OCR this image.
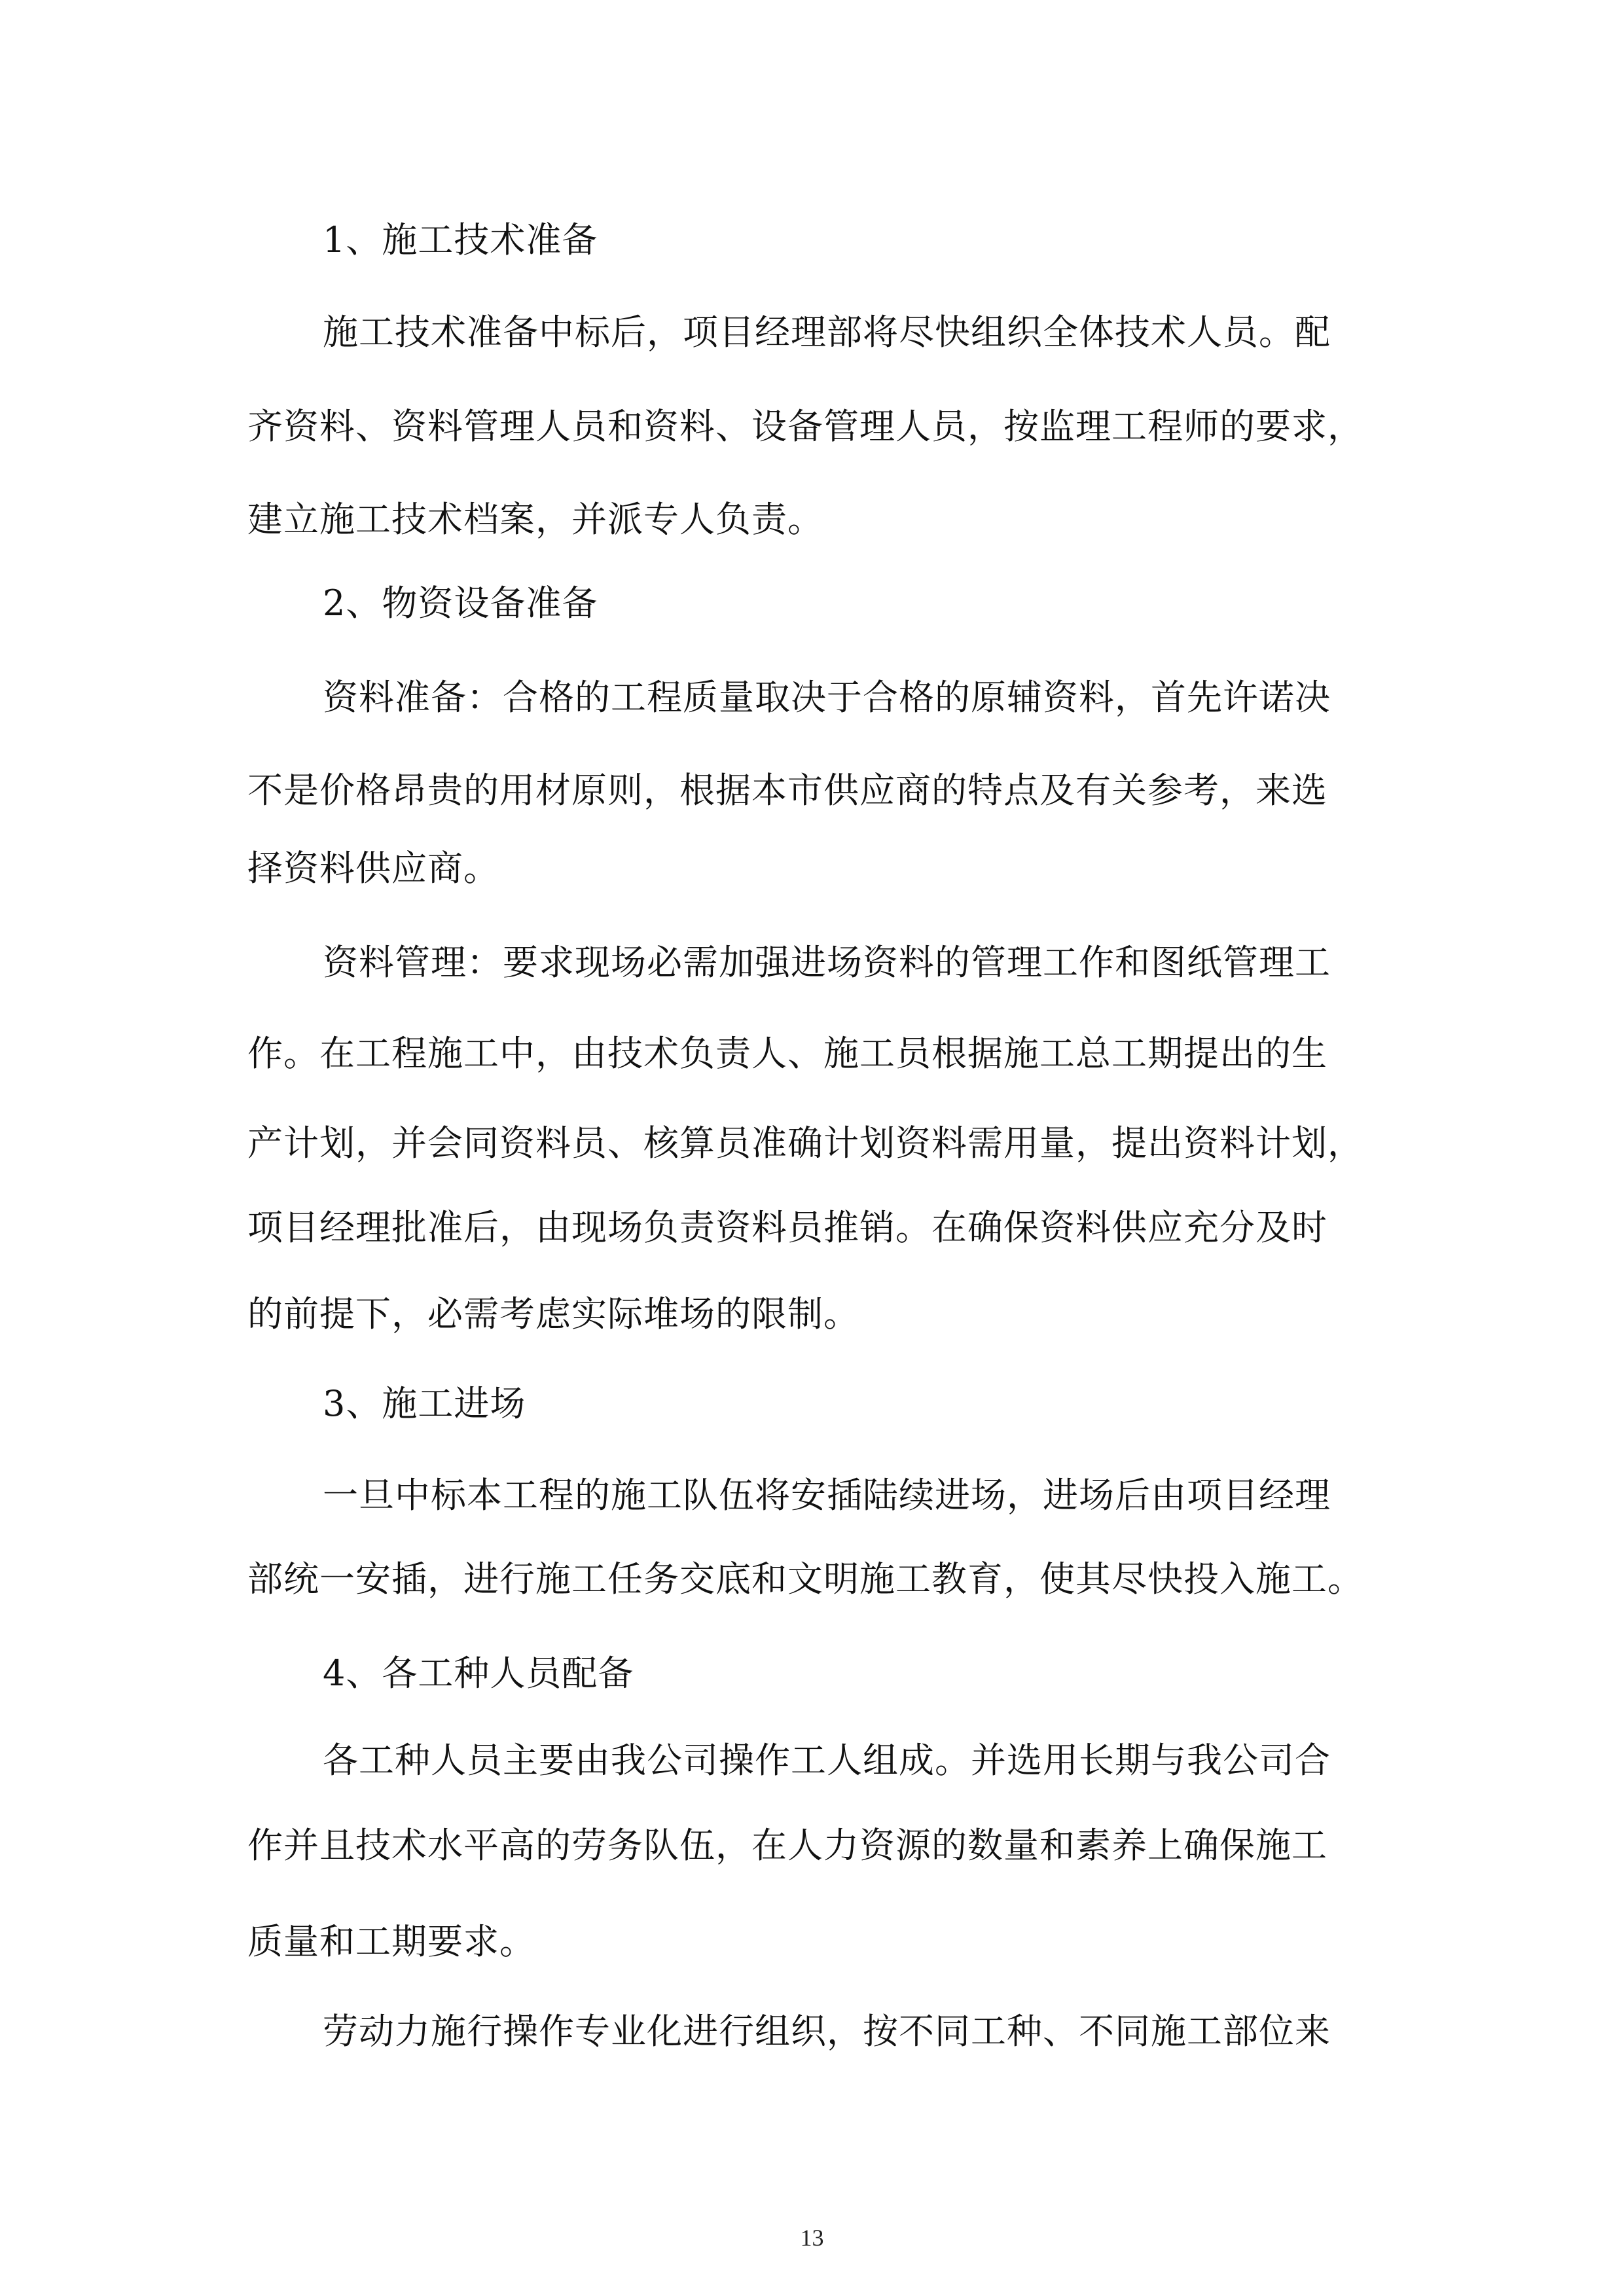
1、施工技术准备
施工技术准备中标后，项目经理部将尽快组织全体技术人员。配
齐资料、资料管理人员和资料、设备管理人员，按监理工程师的要求，
建立施工技术档案，并派专人负责。
2、物资设备准备
资料准备：合格的工程质量取决于合格的原辅资料，首先许诺决
不是价格昂贵的用材原则，根据本市供应商的特点及有关参考，来选
择资料供应商。
资料管理：要求现场必需加强进场资料的管理工作和图纸管理工
作。在工程施工中，由技术负责人、施工员根据施工总工期提出的生
产计划，并会同资料员、核算员准确计划资料需用量，提出资料计划，
项目经理批准后，由现场负责资料员推销。在确保资料供应充分及时
的前提下，必需考虑实际堆场的限制。
3、施工进场
一旦中标本工程的施工队伍将安插陆续进场，进场后由项目经理
部统一安插，进行施工任务交底和文明施工教育，使其尽快投入施工。
4、各工种人员配备
各工种人员主要由我公司操作工人组成。并选用长期与我公司合
作并且技术水平高的劳务队伍，在人力资源的数量和素养上确保施工
质量和工期要求。
劳动力施行操作专业化进行组织，按不同工种、不同施工部位来
13
